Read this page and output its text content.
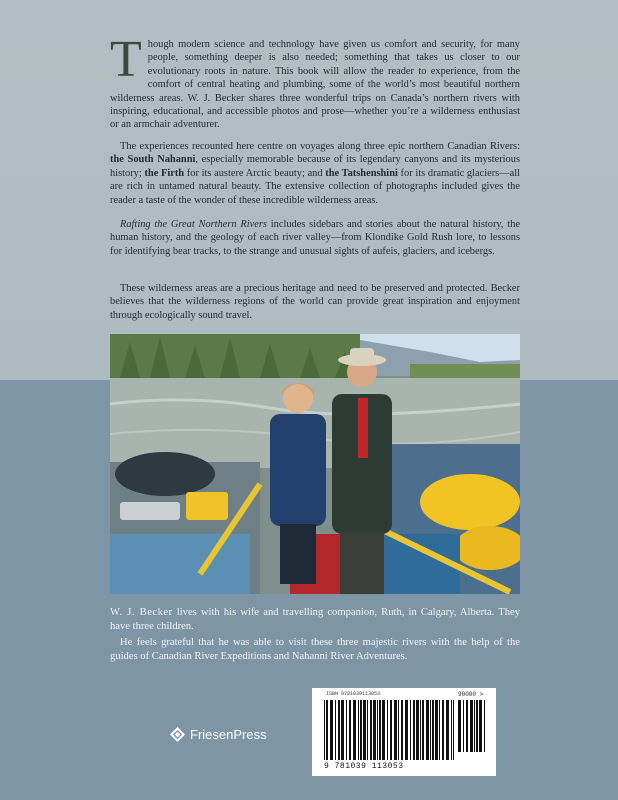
Though modern science and technology have given us comfort and security, for many people, something deeper is also needed; something that takes us closer to our evolutionary roots in nature. This book will allow the reader to experience, from the comfort of central heating and plumbing, some of the world’s most beautiful northern wilderness areas. W. J. Becker shares three wonderful trips on Canada’s northern rivers with inspiring, educational, and accessible photos and prose—whether you’re a wilderness enthusiast or an armchair adventurer.
The experiences recounted here centre on voyages along three epic northern Canadian Rivers: the South Nahanni, especially memorable because of its legendary canyons and its mysterious history; the Firth for its austere Arctic beauty; and the Tatshenshini for its dramatic glaciers—all are rich in untamed natural beauty. The extensive collection of photographs included gives the reader a taste of the wonder of these incredible wilderness areas.
Rafting the Great Northern Rivers includes sidebars and stories about the natural history, the human history, and the geology of each river valley—from Klondike Gold Rush lore, to lessons for identifying bear tracks, to the strange and unusual sights of aufeis, glaciers, and icebergs.
These wilderness areas are a precious heritage and need to be preserved and protected. Becker believes that the wilderness regions of the world can provide great inspiration and enjoyment through ecologically sound travel.
W. J. Becker lives with his wife and travelling companion, Ruth, in Calgary, Alberta. They have three children.
He feels grateful that he was able to visit these three majestic rivers with the help of the guides of Canadian River Expeditions and Nahanni River Adventures.
FriesenPress
ISBN 9781039113053	90000 >
9 781039 113053
